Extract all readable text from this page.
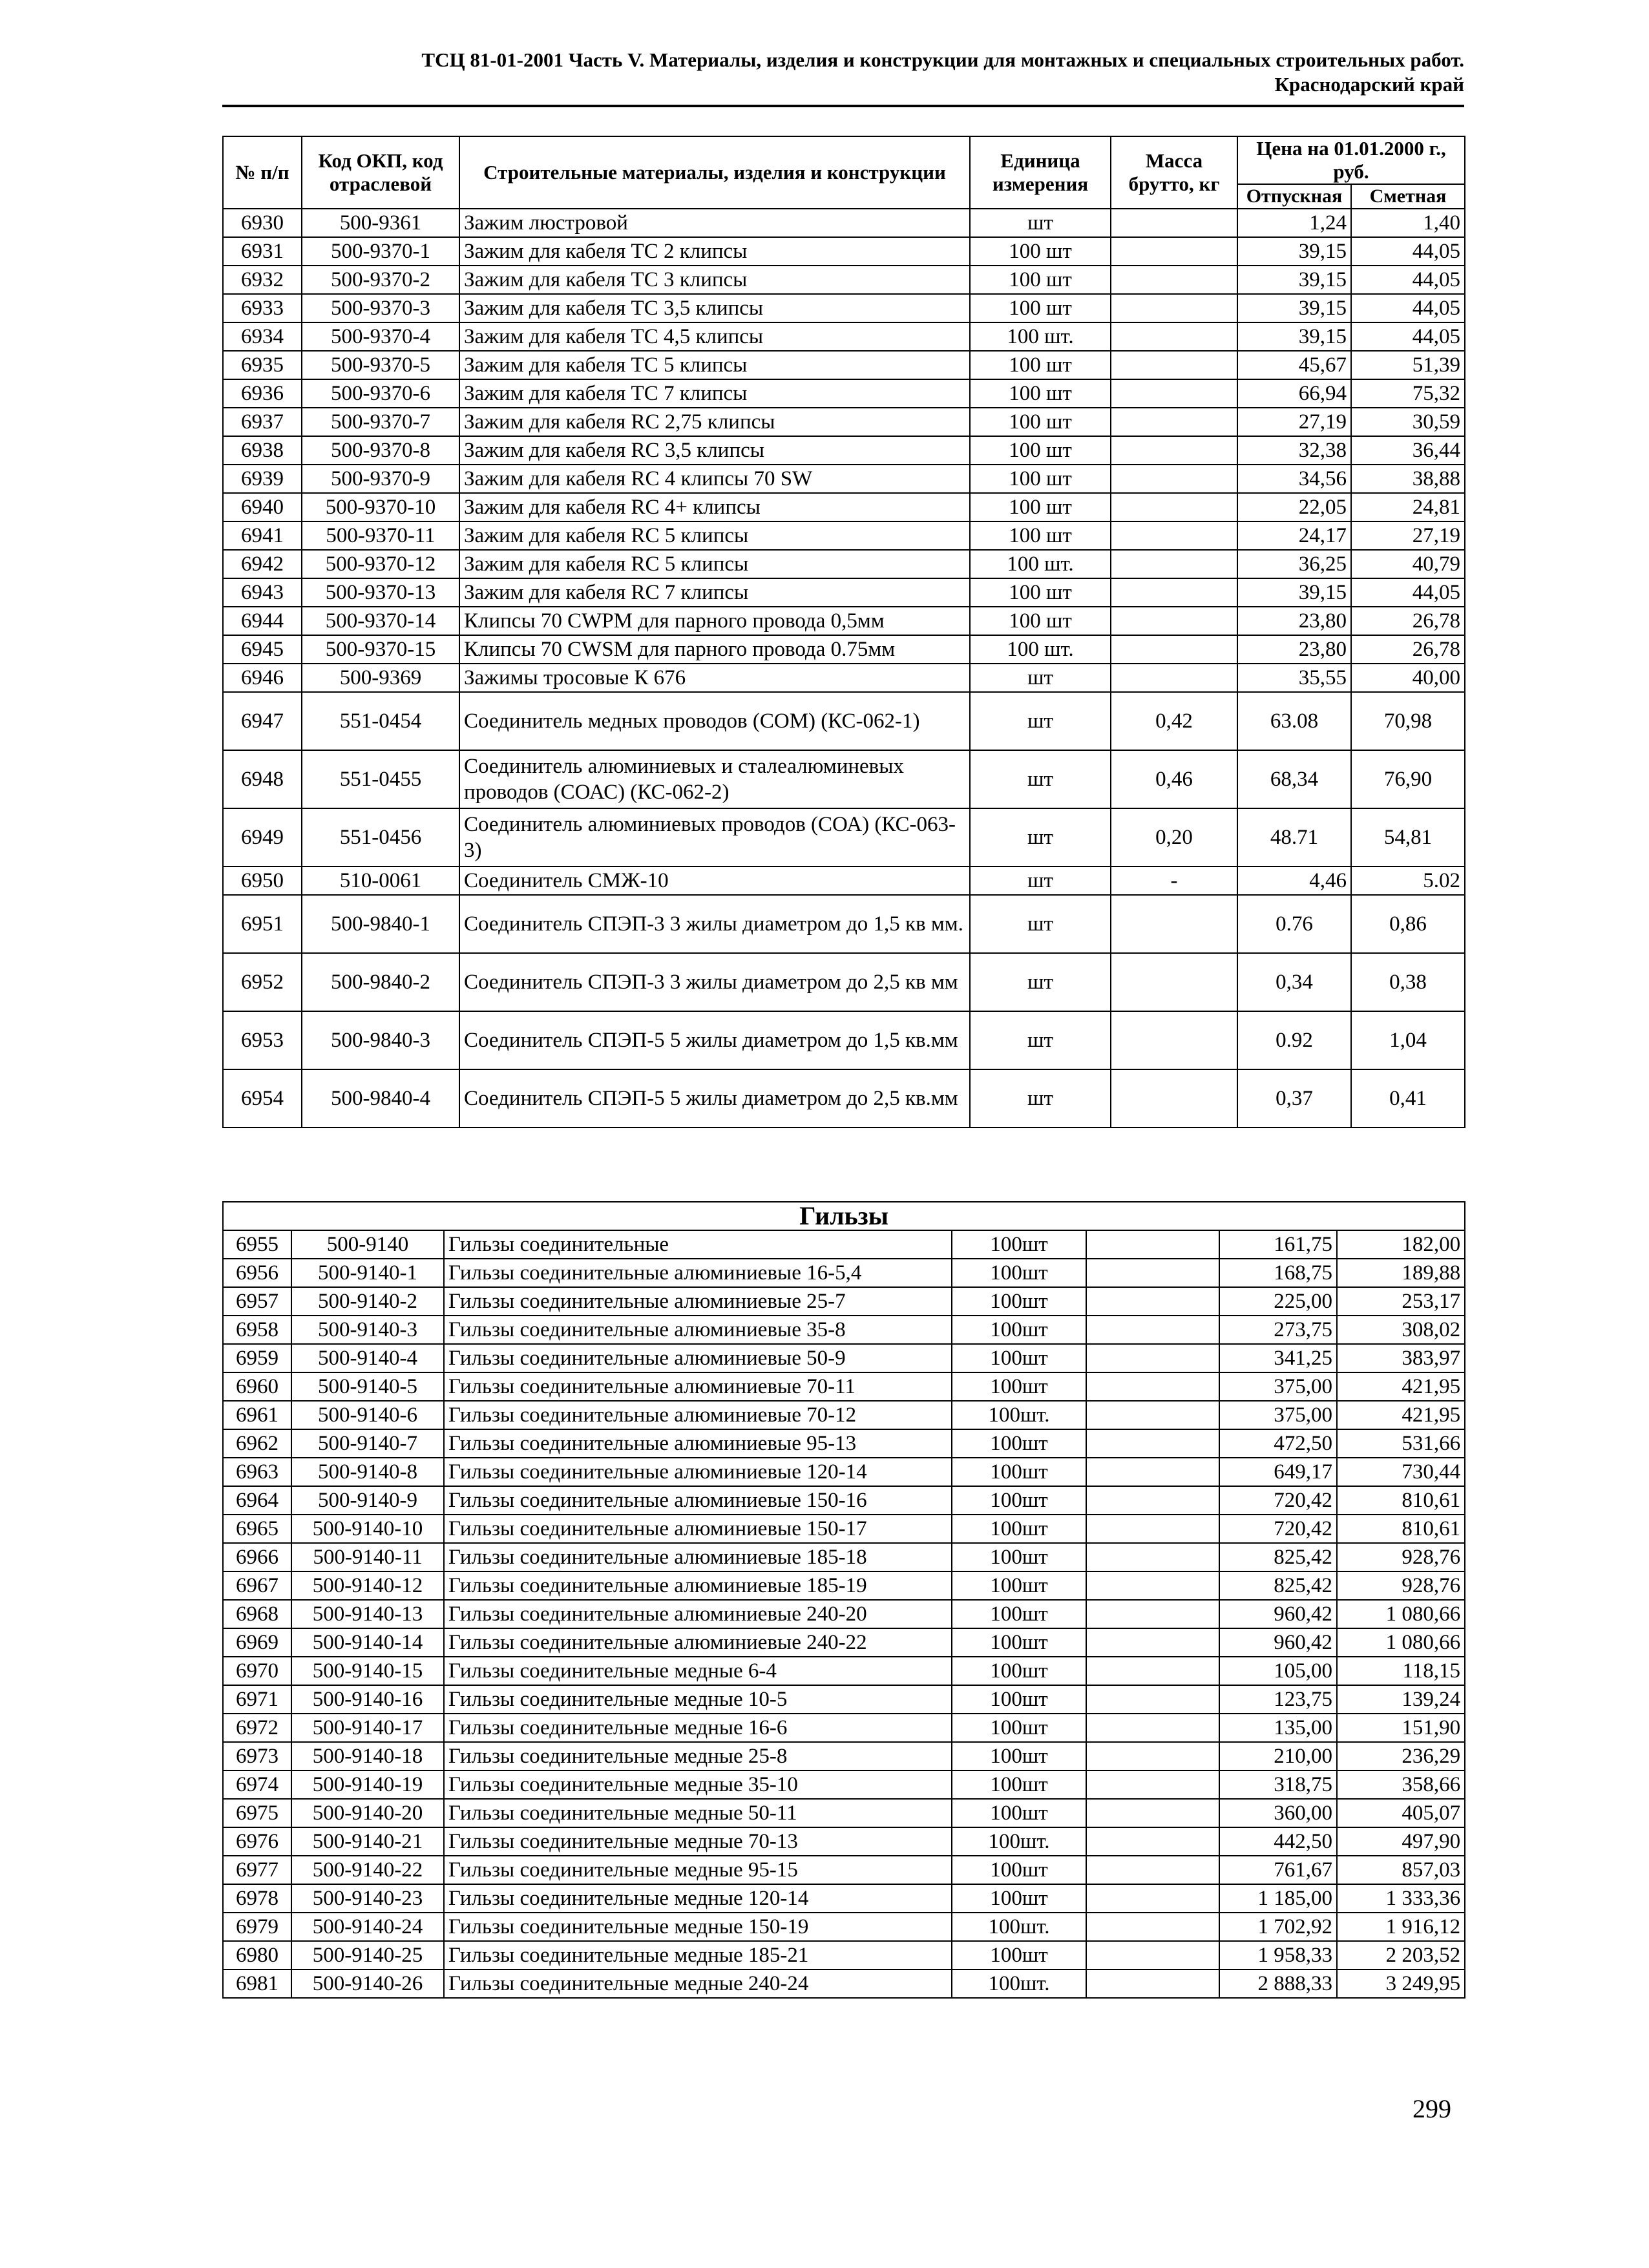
ТСЦ 81-01-2001 Часть V. Материалы, изделия и конструкции для монтажных и специальных строительных работ.
Краснодарский край
№ п/п	Код ОКП, код отраслевой	Строительные материалы, изделия и конструкции	Единица измерения	Масса брутто, кг	Цена на 01.01.2000 г., руб.	
					Отпускная	Сметная
6930	500-9361	Зажим люстровой	шт		1,24	1,40
6931	500-9370-1	Зажим для кабеля ТС 2 клипсы	100 шт		39,15	44,05
6932	500-9370-2	Зажим для кабеля ТС 3 клипсы	100 шт		39,15	44,05
6933	500-9370-3	Зажим для кабеля ТС 3,5 клипсы	100 шт		39,15	44,05
6934	500-9370-4	Зажим для кабеля ТС 4,5 клипсы	100 шт.		39,15	44,05
6935	500-9370-5	Зажим для кабеля ТС 5 клипсы	100 шт		45,67	51,39
6936	500-9370-6	Зажим для кабеля ТС 7 клипсы	100 шт		66,94	75,32
6937	500-9370-7	Зажим для кабеля RC 2,75 клипсы	100 шт		27,19	30,59
6938	500-9370-8	Зажим для кабеля RC 3,5 клипсы	100 шт		32,38	36,44
6939	500-9370-9	Зажим для кабеля RC 4 клипсы 70 SW	100 шт		34,56	38,88
6940	500-9370-10	Зажим для кабеля RC 4+ клипсы	100 шт		22,05	24,81
6941	500-9370-11	Зажим для кабеля RC 5 клипсы	100 шт		24,17	27,19
6942	500-9370-12	Зажим для кабеля RC 5 клипсы	100 шт.		36,25	40,79
6943	500-9370-13	Зажим для кабеля RC 7 клипсы	100 шт		39,15	44,05
6944	500-9370-14	Клипсы 70 CWPM для парного провода 0,5мм	100 шт		23,80	26,78
6945	500-9370-15	Клипсы 70 CWSM для парного провода 0.75мм	100 шт.		23,80	26,78
6946	500-9369	Зажимы тросовые К 676	шт		35,55	40,00
6947	551-0454	Соединитель медных проводов (СОМ) (КС-062-1)	шт	0,42	63.08	70,98
6948	551-0455	Соединитель алюминиевых и сталеалюминевых проводов (СОАС) (КС-062-2)	шт	0,46	68,34	76,90
6949	551-0456	Соединитель алюминиевых проводов (СОА) (КС-063-3)	шт	0,20	48.71	54,81
6950	510-0061	Соединитель СМЖ-10	шт	-	4,46	5.02
6951	500-9840-1	Соединитель СПЭП-3 3 жилы диаметром до 1,5 кв мм.	шт		0.76	0,86
6952	500-9840-2	Соединитель СПЭП-3 3 жилы диаметром до 2,5 кв мм	шт		0,34	0,38
6953	500-9840-3	Соединитель СПЭП-5 5 жилы диаметром до 1,5 кв.мм	шт		0.92	1,04
6954	500-9840-4	Соединитель СПЭП-5 5 жилы диаметром до 2,5 кв.мм	шт		0,37	0,41
Гильзы						
6955	500-9140	Гильзы соединительные	100шт		161,75	182,00
6956	500-9140-1	Гильзы соединительные алюминиевые 16-5,4	100шт		168,75	189,88
6957	500-9140-2	Гильзы соединительные алюминиевые 25-7	100шт		225,00	253,17
6958	500-9140-3	Гильзы соединительные алюминиевые 35-8	100шт		273,75	308,02
6959	500-9140-4	Гильзы соединительные алюминиевые 50-9	100шт		341,25	383,97
6960	500-9140-5	Гильзы соединительные алюминиевые 70-11	100шт		375,00	421,95
6961	500-9140-6	Гильзы соединительные алюминиевые 70-12	100шт.		375,00	421,95
6962	500-9140-7	Гильзы соединительные алюминиевые 95-13	100шт		472,50	531,66
6963	500-9140-8	Гильзы соединительные алюминиевые 120-14	100шт		649,17	730,44
6964	500-9140-9	Гильзы соединительные алюминиевые 150-16	100шт		720,42	810,61
6965	500-9140-10	Гильзы соединительные алюминиевые 150-17	100шт		720,42	810,61
6966	500-9140-11	Гильзы соединительные алюминиевые 185-18	100шт		825,42	928,76
6967	500-9140-12	Гильзы соединительные алюминиевые 185-19	100шт		825,42	928,76
6968	500-9140-13	Гильзы соединительные алюминиевые 240-20	100шт		960,42	1 080,66
6969	500-9140-14	Гильзы соединительные алюминиевые 240-22	100шт		960,42	1 080,66
6970	500-9140-15	Гильзы соединительные медные 6-4	100шт		105,00	118,15
6971	500-9140-16	Гильзы соединительные медные 10-5	100шт		123,75	139,24
6972	500-9140-17	Гильзы соединительные медные 16-6	100шт		135,00	151,90
6973	500-9140-18	Гильзы соединительные медные 25-8	100шт		210,00	236,29
6974	500-9140-19	Гильзы соединительные медные 35-10	100шт		318,75	358,66
6975	500-9140-20	Гильзы соединительные медные 50-11	100шт		360,00	405,07
6976	500-9140-21	Гильзы соединительные медные 70-13	100шт.		442,50	497,90
6977	500-9140-22	Гильзы соединительные медные 95-15	100шт		761,67	857,03
6978	500-9140-23	Гильзы соединительные медные 120-14	100шт		1 185,00	1 333,36
6979	500-9140-24	Гильзы соединительные медные 150-19	100шт.		1 702,92	1 916,12
6980	500-9140-25	Гильзы соединительные медные 185-21	100шт		1 958,33	2 203,52
6981	500-9140-26	Гильзы соединительные медные 240-24	100шт.		2 888,33	3 249,95
299
